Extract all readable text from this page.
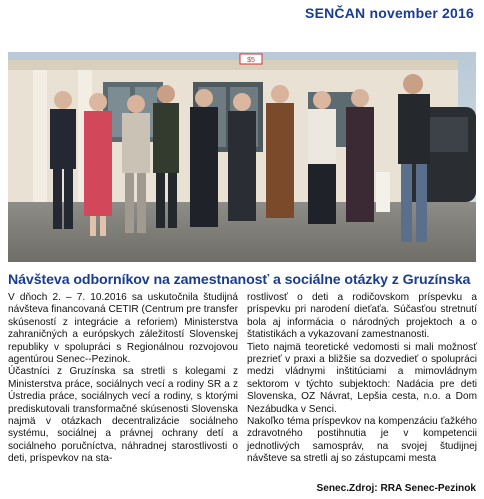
SENČAN november 2016
$5
Návšteva odborníkov na zamestnanosť a sociálne otázky z Gruzínska

V dňoch 2. – 7. 10.2016 sa uskutočnila študijná návšteva financovaná CETIR (Centrum pre transfer skúseností z integrácie a reforiem) Ministerstva zahraničných a európskych záležitostí Slovenskej republiky v spolupráci s Regionálnou rozvojovou agentúrou Senec--Pezinok.

Účastníci z Gruzínska sa stretli s kolegami z Ministerstva práce, sociálnych vecí a rodiny SR a z Ústredia práce, sociálnych vecí a rodiny, s ktorými prediskutovali transformačné skúsenosti Slovenska najmä v otázkach decentralizácie sociálneho systému, sociálnej a právnej ochrany detí a sociálneho poručníctva, náhradnej starostlivosti o deti, príspevkov na sta-

rostlivosť o deti a rodičovskom príspevku a príspevku pri narodení dieťaťa. Súčasťou stretnutí bola aj informácia o národných projektoch a o štatistikách a vykazovaní zamestnanosti.

Tieto najmä teoretické vedomosti si mali možnosť prezrieť v praxi a bližšie sa dozvedieť o spolupráci medzi vládnymi inštitúciami a mimovládnym sektorom v týchto subjektoch: Nadácia pre deti Slovenska, OZ Návrat, Lepšia cesta, n.o. a Dom Nezábudka v Senci.

Nakoľko téma príspevkov na kompenzáciu ťažkého zdravotného postihnutia je v kompetencii jednotlivých samospráv, na svojej študijnej návšteve sa stretli aj so zástupcami mesta

Senec.Zdroj: RRA Senec-Pezinok
